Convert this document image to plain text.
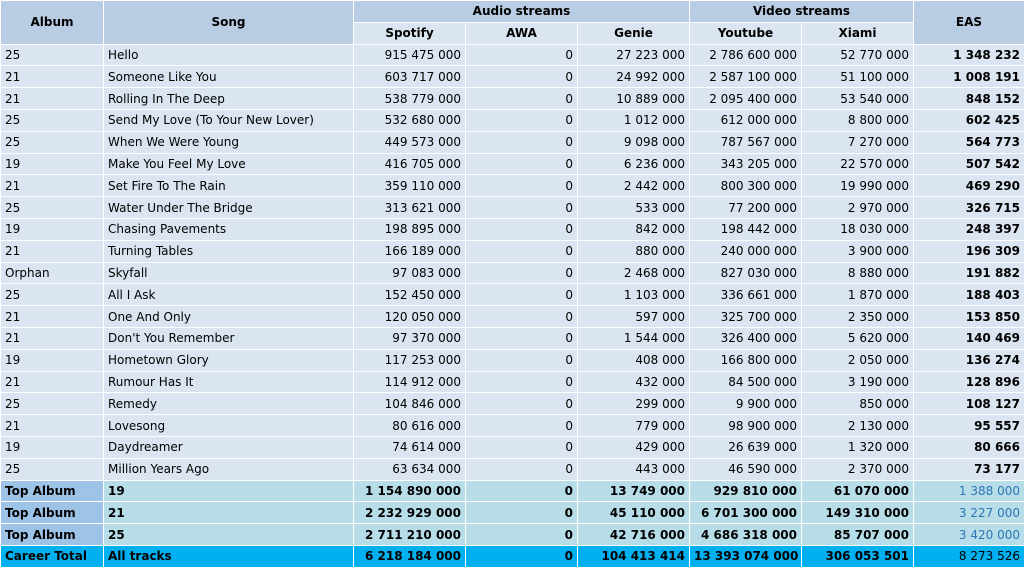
Album	Song	Audio streams			Video streams		EAS
		Spotify	AWA	Genie	Youtube	Xiami	
25	Hello	915 475 000	0	27 223 000	2 786 600 000	52 770 000	1 348 232
21	Someone Like You	603 717 000	0	24 992 000	2 587 100 000	51 100 000	1 008 191
21	Rolling In The Deep	538 779 000	0	10 889 000	2 095 400 000	53 540 000	848 152
25	Send My Love (To Your New Lover)	532 680 000	0	1 012 000	612 000 000	8 800 000	602 425
25	When We Were Young	449 573 000	0	9 098 000	787 567 000	7 270 000	564 773
19	Make You Feel My Love	416 705 000	0	6 236 000	343 205 000	22 570 000	507 542
21	Set Fire To The Rain	359 110 000	0	2 442 000	800 300 000	19 990 000	469 290
25	Water Under The Bridge	313 621 000	0	533 000	77 200 000	2 970 000	326 715
19	Chasing Pavements	198 895 000	0	842 000	198 442 000	18 030 000	248 397
21	Turning Tables	166 189 000	0	880 000	240 000 000	3 900 000	196 309
Orphan	Skyfall	97 083 000	0	2 468 000	827 030 000	8 880 000	191 882
25	All I Ask	152 450 000	0	1 103 000	336 661 000	1 870 000	188 403
21	One And Only	120 050 000	0	597 000	325 700 000	2 350 000	153 850
21	Don't You Remember	97 370 000	0	1 544 000	326 400 000	5 620 000	140 469
19	Hometown Glory	117 253 000	0	408 000	166 800 000	2 050 000	136 274
21	Rumour Has It	114 912 000	0	432 000	84 500 000	3 190 000	128 896
25	Remedy	104 846 000	0	299 000	9 900 000	850 000	108 127
21	Lovesong	80 616 000	0	779 000	98 900 000	2 130 000	95 557
19	Daydreamer	74 614 000	0	429 000	26 639 000	1 320 000	80 666
25	Million Years Ago	63 634 000	0	443 000	46 590 000	2 370 000	73 177
Top Album	19	1 154 890 000	0	13 749 000	929 810 000	61 070 000	1 388 000
Top Album	21	2 232 929 000	0	45 110 000	6 701 300 000	149 310 000	3 227 000
Top Album	25	2 711 210 000	0	42 716 000	4 686 318 000	85 707 000	3 420 000
Career Total	All tracks	6 218 184 000	0	104 413 414	13 393 074 000	306 053 501	8 273 526
